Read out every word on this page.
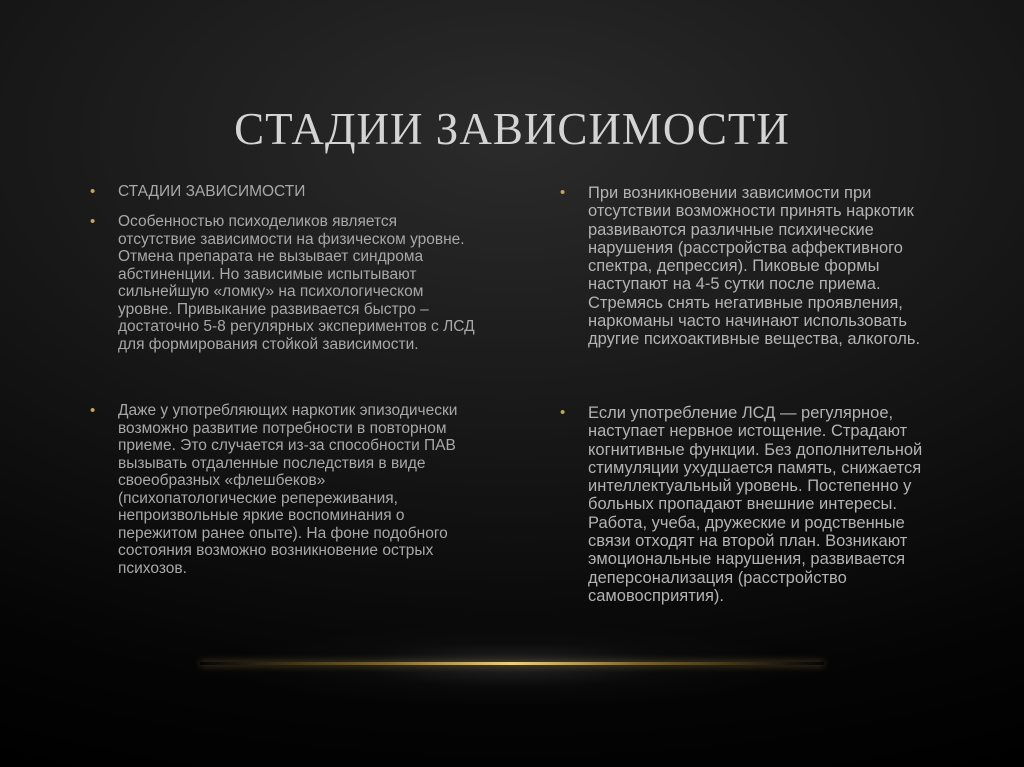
СТАДИИ ЗАВИСИМОСТИ
•	СТАДИИ ЗАВИСИМОСТИ
•	Особенностью психоделиков является отсутствие зависимости на физическом уровне. Отмена препарата не вызывает синдрома абстиненции. Но зависимые испытывают сильнейшую «ломку» на психологическом уровне. Привыкание развивается быстро – достаточно 5-8 регулярных экспериментов с ЛСД для формирования стойкой зависимости.
•	Даже у употребляющих наркотик эпизодически возможно развитие потребности в повторном приеме. Это случается из-за способности ПАВ вызывать отдаленные последствия в виде своеобразных «флешбеков» (психопатологические репереживания, непроизвольные яркие воспоминания о пережитом ранее опыте). На фоне подобного состояния возможно возникновение острых психозов.
•	При возникновении зависимости при отсутствии возможности принять наркотик развиваются различные психические нарушения (расстройства аффективного спектра, депрессия). Пиковые формы наступают на 4-5 сутки после приема. Стремясь снять негативные проявления, наркоманы часто начинают использовать другие психоактивные вещества, алкоголь.
•	Если употребление ЛСД — регулярное, наступает нервное истощение. Страдают когнитивные функции. Без дополнительной стимуляции ухудшается память, снижается интеллектуальный уровень. Постепенно у больных пропадают внешние интересы. Работа, учеба, дружеские и родственные связи отходят на второй план. Возникают эмоциональные нарушения, развивается деперсонализация (расстройство самовосприятия).
